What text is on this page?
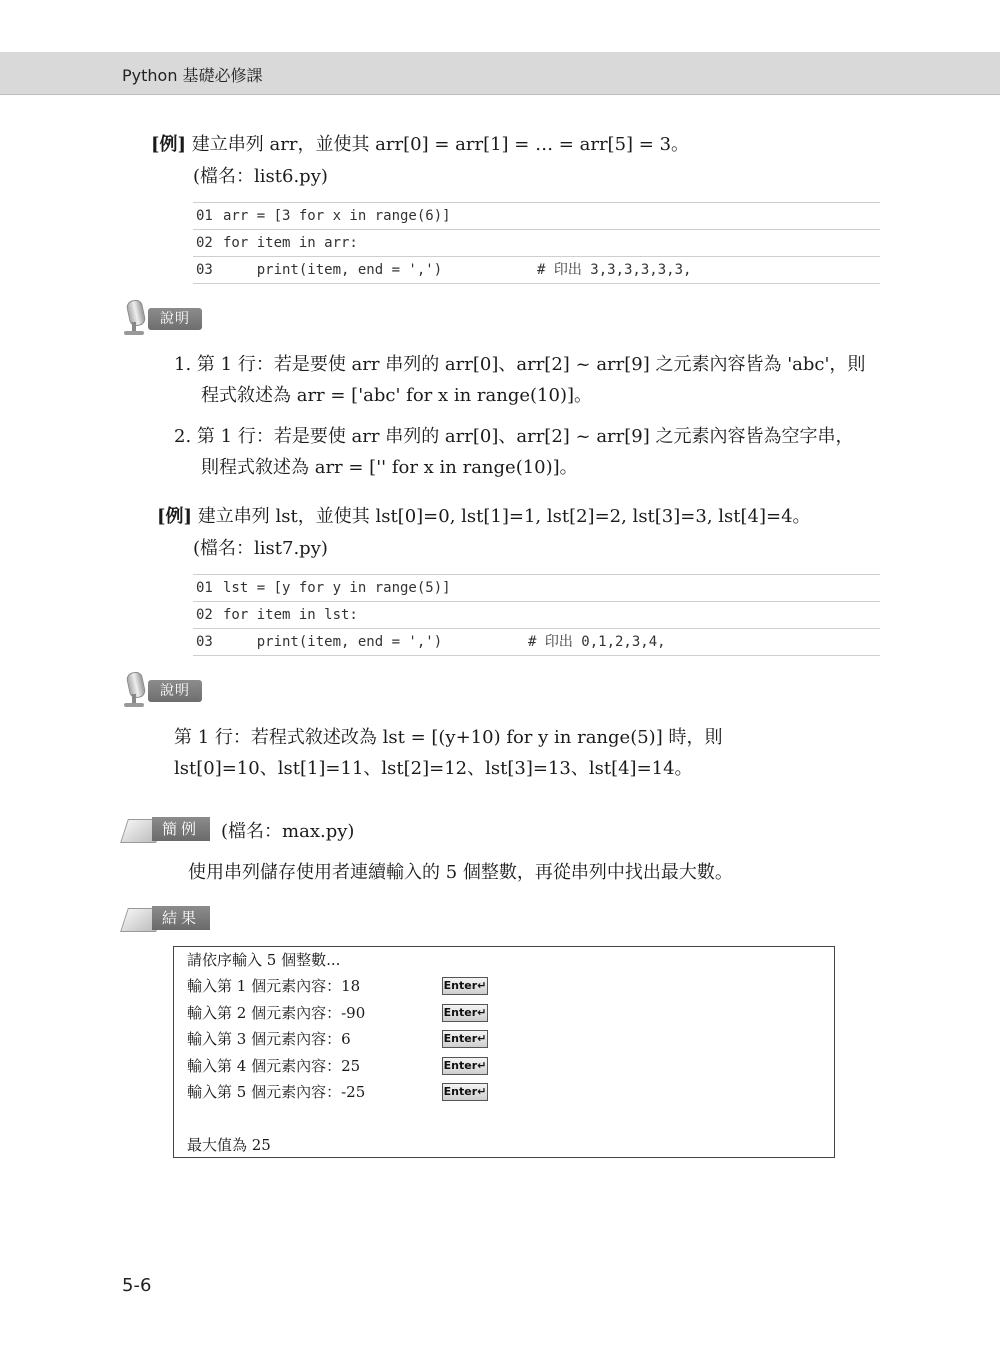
Python 基礎必修課
[例] 建立串列 arr，並使其 arr[0] = arr[1] = … = arr[5] = 3。
(檔名：list6.py)
01 arr = [3 for x in range(6)]
02 for item in arr:
03 print(item, end = ',')	# 印出 3,3,3,3,3,3,
說明
1. 第 1 行：若是要使 arr 串列的 arr[0]、arr[2] ~ arr[9] 之元素內容皆為 'abc'，則
程式敘述為 arr = ['abc' for x in range(10)]。
2. 第 1 行：若是要使 arr 串列的 arr[0]、arr[2] ~ arr[9] 之元素內容皆為空字串，
則程式敘述為 arr = ['' for x in range(10)]。
[例] 建立串列 lst，並使其 lst[0]=0, lst[1]=1, lst[2]=2, lst[3]=3, lst[4]=4。
(檔名：list7.py)
01 lst = [y for y in range(5)]
02 for item in lst:
03 print(item, end = ',')	# 印出 0,1,2,3,4,
說明
第 1 行：若程式敘述改為 lst = [(y+10) for y in range(5)] 時，則
lst[0]=10、lst[1]=11、lst[2]=12、lst[3]=13、lst[4]=14。
簡例	(檔名：max.py)
使用串列儲存使用者連續輸入的 5 個整數，再從串列中找出最大數。
結果
請依序輸入 5 個整數...
輸入第 1 個元素內容：18	Enter↵
輸入第 2 個元素內容：-90	Enter↵
輸入第 3 個元素內容：6	Enter↵
輸入第 4 個元素內容：25	Enter↵
輸入第 5 個元素內容：-25	Enter↵
最大值為 25
5-6
